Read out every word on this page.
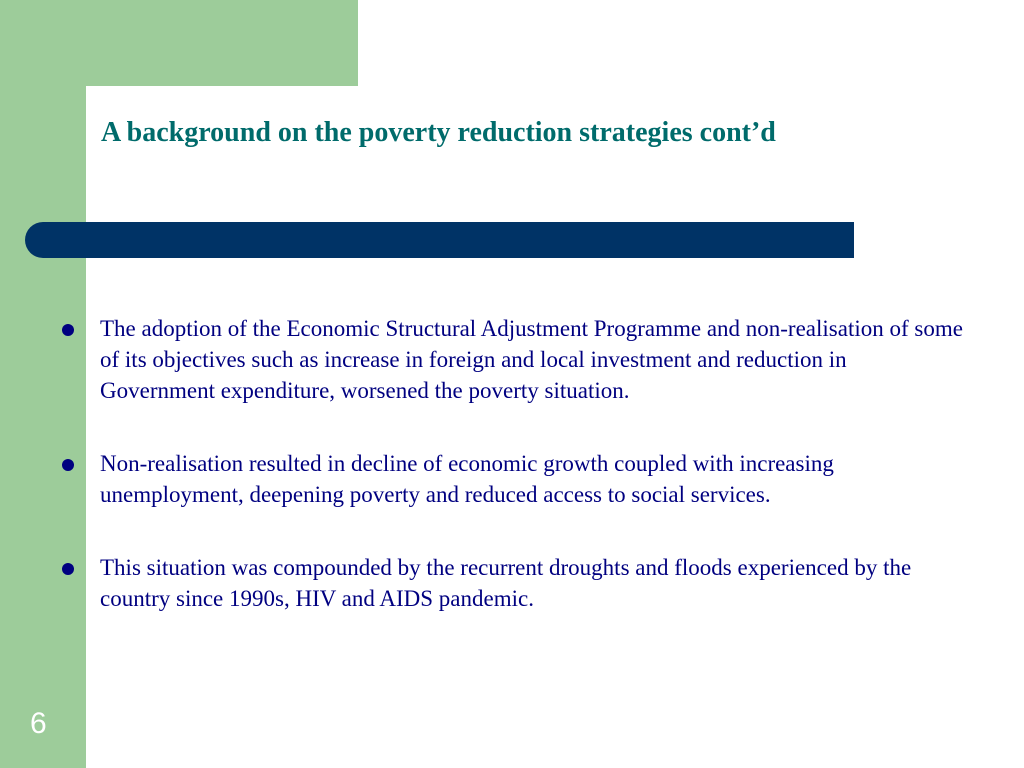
A background on the poverty reduction strategies cont’d
The adoption of the Economic Structural Adjustment Programme and non-realisation of some of its objectives such as increase in foreign and local investment and reduction in Government expenditure, worsened the poverty situation.
Non-realisation resulted in decline of economic growth coupled with increasing unemployment, deepening poverty and reduced access to social services.
This situation was compounded by the recurrent droughts and floods experienced by the country since 1990s, HIV and AIDS pandemic.
6
